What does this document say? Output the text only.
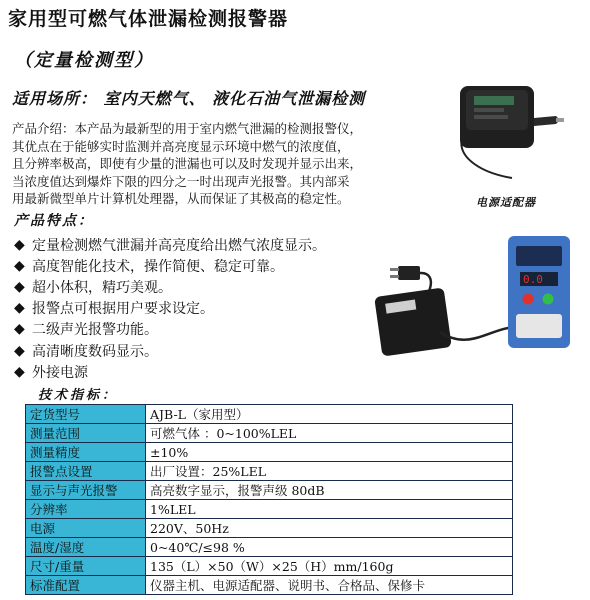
家用型可燃气体泄漏检测报警器
（定量检测型）
适用场所： 室内天燃气、 液化石油气泄漏检测
产品介绍：本产品为最新型的用于室内燃气泄漏的检测报警仪，
其优点在于能够实时监测并高亮度显示环境中燃气的浓度值，
且分辨率极高，即使有少量的泄漏也可以及时发现并显示出来，
当浓度值达到爆炸下限的四分之一时出现声光报警。其内部采
用最新微型单片计算机处理器，从而保证了其极高的稳定性。	电源适配器
产品特点：
◆ 定量检测燃气泄漏并高亮度给出燃气浓度显示。
◆ 高度智能化技术，操作简便、稳定可靠。
◆ 超小体积，精巧美观。
◆ 报警点可根据用户要求设定。
◆ 二级声光报警功能。
◆ 高清晰度数码显示。
◆ 外接电源
0.0
技术指标：
定货型号	AJB-L（家用型）
测量范围	可燃气体 ：0~100%LEL
测量精度	±10%
报警点设置	出厂设置：25%LEL
显示与声光报警	高亮数字显示，报警声级 80dB
分辨率	1%LEL
电源	220V、50Hz
温度/湿度	0~40℃/≤98 %
尺寸/重量	135（L）×50（W）×25（H）mm/160g
标准配置	仪器主机、电源适配器、说明书、合格品、保修卡
